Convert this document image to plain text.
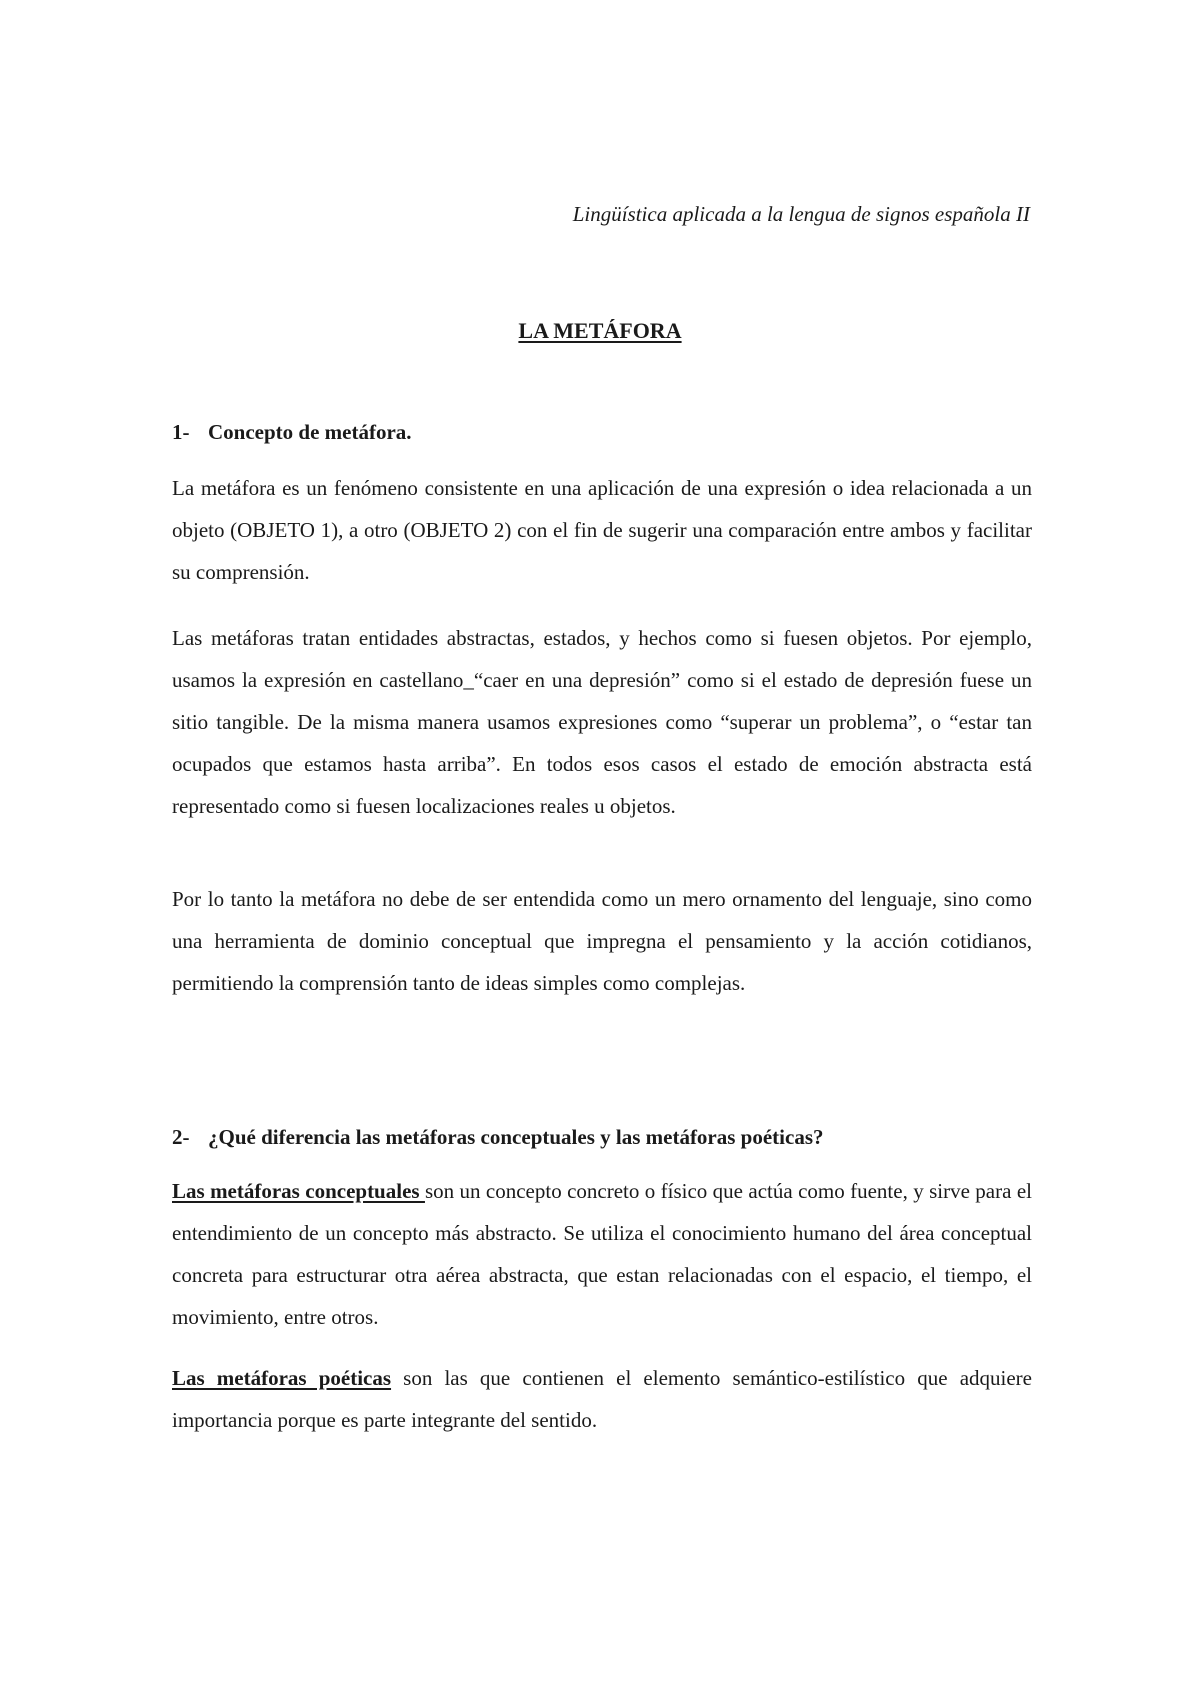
Lingüística aplicada a la lengua de signos española II
LA METÁFORA
1- Concepto de metáfora.

La metáfora es un fenómeno consistente en una aplicación de una expresión o idea relacionada a un objeto (OBJETO 1), a otro (OBJETO 2) con el fin de sugerir una comparación entre ambos y facilitar su comprensión.

Las metáforas tratan entidades abstractas, estados, y hechos como si fuesen objetos. Por ejemplo, usamos la expresión en castellano_“caer en una depresión” como si el estado de depresión fuese un sitio tangible. De la misma manera usamos expresiones como “superar un problema”, o “estar tan ocupados que estamos hasta arriba”. En todos esos casos el estado de emoción abstracta está representado como si fuesen localizaciones reales u objetos.

Por lo tanto la metáfora no debe de ser entendida como un mero ornamento del lenguaje, sino como una herramienta de dominio conceptual que impregna el pensamiento y la acción cotidianos, permitiendo la comprensión tanto de ideas simples como complejas.

2- ¿Qué diferencia las metáforas conceptuales y las metáforas poéticas?

Las metáforas conceptuales son un concepto concreto o físico que actúa como fuente, y sirve para el entendimiento de un concepto más abstracto. Se utiliza el conocimiento humano del área conceptual concreta para estructurar otra aérea abstracta, que estan relacionadas con el espacio, el tiempo, el movimiento, entre otros.

Las metáforas poéticas son las que contienen el elemento semántico-estilístico que adquiere importancia porque es parte integrante del sentido.
